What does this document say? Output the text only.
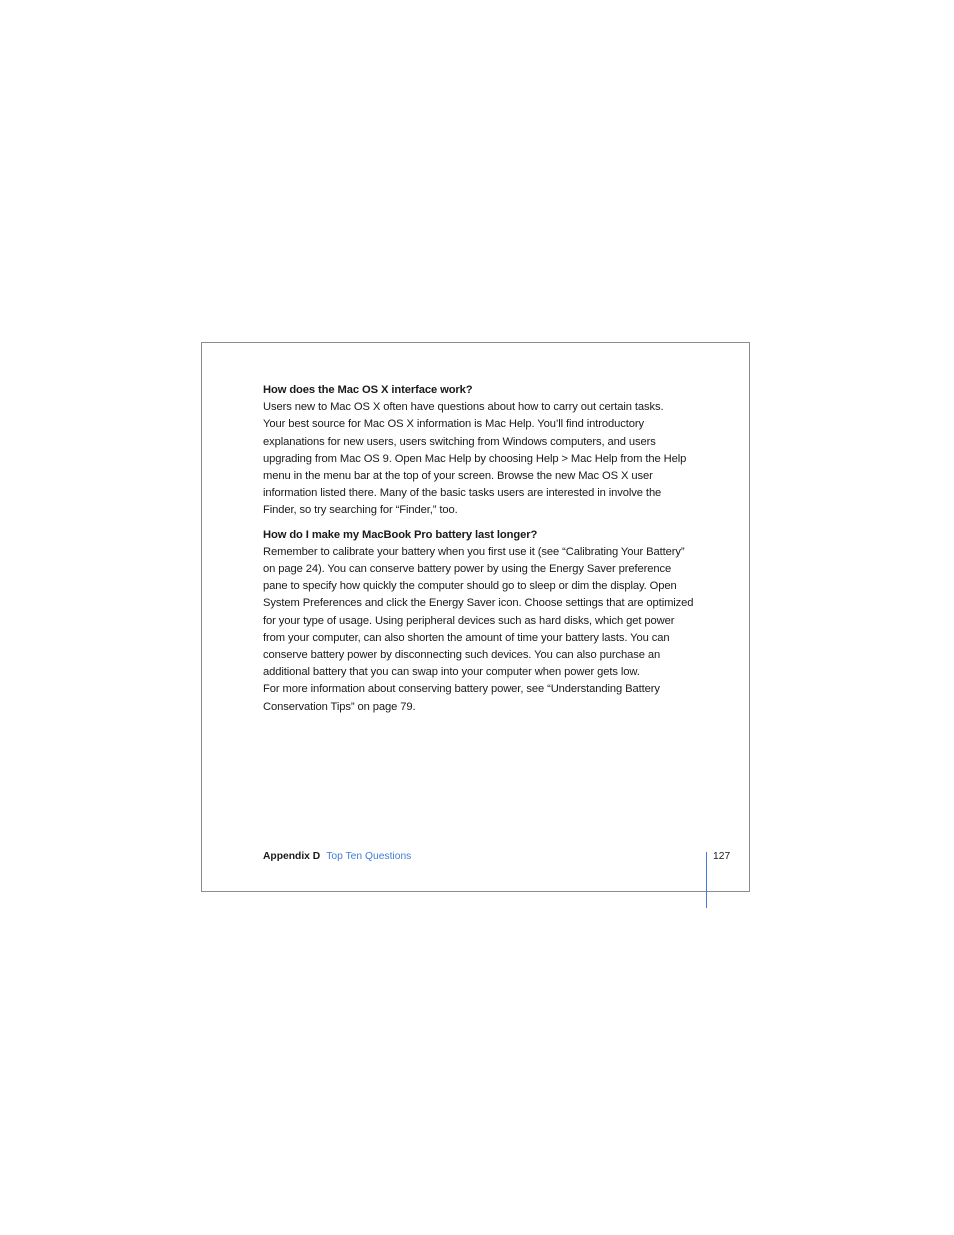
How does the Mac OS X interface work?
Users new to Mac OS X often have questions about how to carry out certain tasks.
Your best source for Mac OS X information is Mac Help. You’ll find introductory
explanations for new users, users switching from Windows computers, and users
upgrading from Mac OS 9. Open Mac Help by choosing Help > Mac Help from the Help
menu in the menu bar at the top of your screen. Browse the new Mac OS X user
information listed there. Many of the basic tasks users are interested in involve the
Finder, so try searching for “Finder,” too.
How do I make my MacBook Pro battery last longer?
Remember to calibrate your battery when you first use it (see “Calibrating Your Battery”
on page 24). You can conserve battery power by using the Energy Saver preference
pane to specify how quickly the computer should go to sleep or dim the display. Open
System Preferences and click the Energy Saver icon. Choose settings that are optimized
for your type of usage. Using peripheral devices such as hard disks, which get power
from your computer, can also shorten the amount of time your battery lasts. You can
conserve battery power by disconnecting such devices. You can also purchase an
additional battery that you can swap into your computer when power gets low.
For more information about conserving battery power, see “Understanding Battery
Conservation Tips” on page 79.
Appendix D Top Ten Questions	127
